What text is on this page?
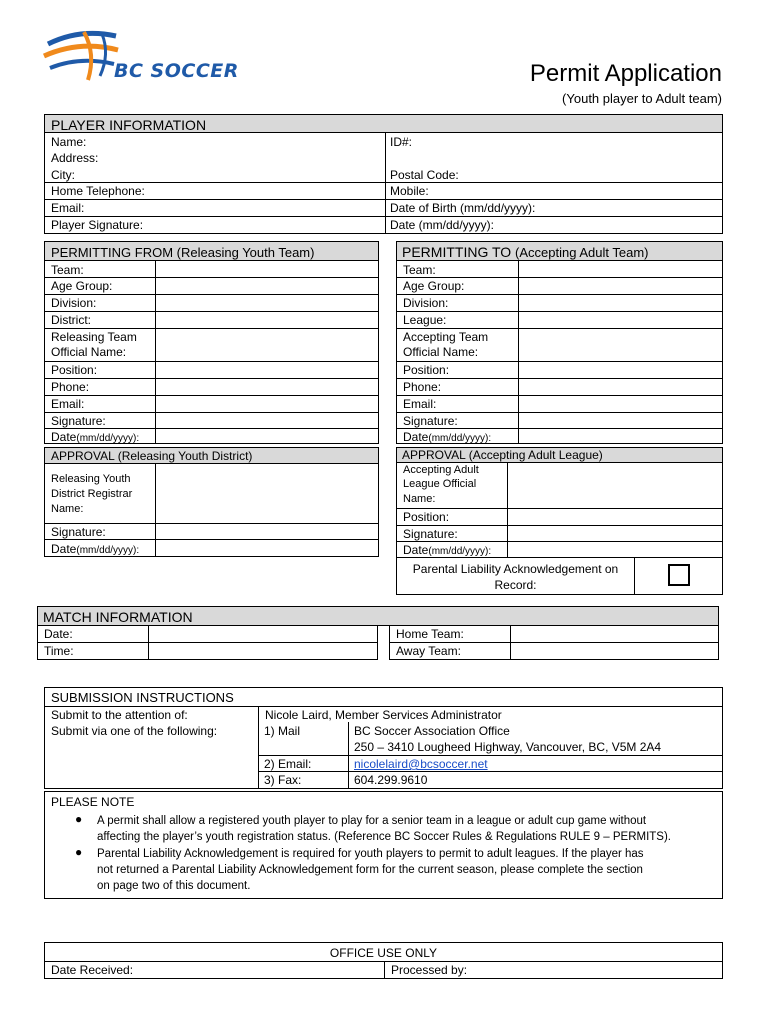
BC SOCCER	Permit Application
(Youth player to Adult team)
PLAYER INFORMATION
Name:	ID#:
Address:
City:	Postal Code:
Home Telephone:	Mobile:
Email:	Date of Birth (mm/dd/yyyy):
Player Signature:	Date (mm/dd/yyyy):
PERMITTING FROM (Releasing Youth Team)
Team:
Age Group:
Division:
District:
Releasing Team
Official Name:
Position:
Phone:
Email:
Signature:
Date(mm/dd/yyyy):
PERMITTING TO (Accepting Adult Team)
Team:
Age Group:
Division:
League:
Accepting Team
Official Name:
Position:
Phone:
Email:
Signature:
Date(mm/dd/yyyy):
APPROVAL (Releasing Youth District)
Releasing Youth
District Registrar
Name:
Signature:
Date(mm/dd/yyyy):
APPROVAL (Accepting Adult League)
Accepting Adult
League Official
Name:
Position:
Signature:
Date(mm/dd/yyyy):
Parental Liability Acknowledgement on
Record:
MATCH INFORMATION
Date:
Time:
Home Team:
Away Team:
SUBMISSION INSTRUCTIONS
Submit to the attention of:	Nicole Laird, Member Services Administrator
Submit via one of the following:	1) Mail	BC Soccer Association Office
250 – 3410 Lougheed Highway, Vancouver, BC, V5M 2A4
2) Email:	nicolelaird@bcsoccer.net
3) Fax:	604.299.9610
PLEASE NOTE
● A permit shall allow a registered youth player to play for a senior team in a league or adult cup game without
affecting the player’s youth registration status. (Reference BC Soccer Rules & Regulations RULE 9 – PERMITS).
● Parental Liability Acknowledgement is required for youth players to permit to adult leagues. If the player has
not returned a Parental Liability Acknowledgement form for the current season, please complete the section
on page two of this document.
OFFICE USE ONLY
Date Received:	Processed by:
